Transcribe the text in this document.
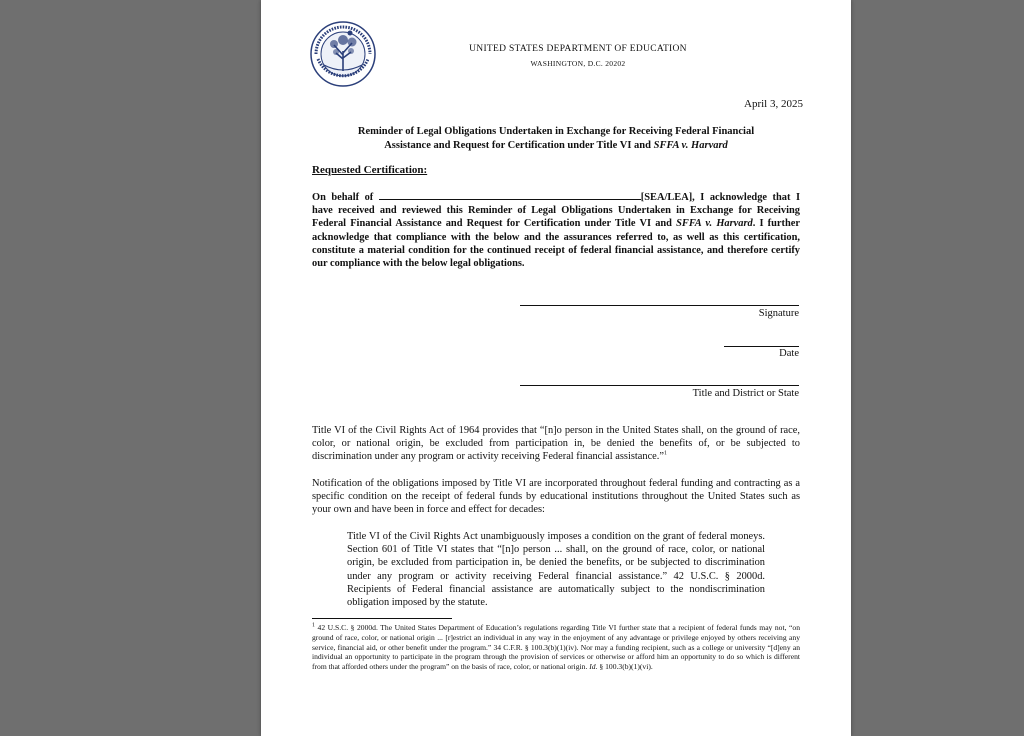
UNITED STATES DEPARTMENT OF EDUCATION
WASHINGTON, D.C. 20202
April 3, 2025
Reminder of Legal Obligations Undertaken in Exchange for Receiving Federal Financial
Assistance and Request for Certification under Title VI and SFFA v. Harvard
Requested Certification:
On behalf of	[SEA/LEA], I acknowledge that I have received and reviewed this Reminder of Legal Obligations Undertaken in Exchange for Receiving Federal Financial Assistance and Request for Certification under Title VI and SFFA v. Harvard. I further acknowledge that compliance with the below and the assurances referred to, as well as this certification, constitute a material condition for the continued receipt of federal financial assistance, and therefore certify our compliance with the below legal obligations.
Signature
Date
Title and District or State
Title VI of the Civil Rights Act of 1964 provides that “[n]o person in the United States shall, on the ground of race, color, or national origin, be excluded from participation in, be denied the benefits of, or be subjected to discrimination under any program or activity receiving Federal financial assistance.”$^1$
Notification of the obligations imposed by Title VI are incorporated throughout federal funding and contracting as a specific condition on the receipt of federal funds by educational institutions throughout the United States such as your own and have been in force and effect for decades:
Title VI of the Civil Rights Act unambiguously imposes a condition on the grant of federal moneys. Section 601 of Title VI states that “[n]o person ... shall, on the ground of race, color, or national origin, be excluded from participation in, be denied the benefits, or be subjected to discrimination under any program or activity receiving Federal financial assistance.” 42 U.S.C. § 2000d. Recipients of Federal financial assistance are automatically subject to the nondiscrimination obligation imposed by the statute.
$^1$ 42 U.S.C. § 2000d. The United States Department of Education’s regulations regarding Title VI further state that a recipient of federal funds may not, “on ground of race, color, or national origin ... [r]estrict an individual in any way in the enjoyment of any advantage or privilege enjoyed by others receiving any service, financial aid, or other benefit under the program.” 34 C.F.R. § 100.3(b)(1)(iv). Nor may a funding recipient, such as a college or university “[d]eny an individual an opportunity to participate in the program through the provision of services or otherwise or afford him an opportunity to do so which is different from that afforded others under the program” on the basis of race, color, or national origin. Id. § 100.3(b)(1)(vi).
